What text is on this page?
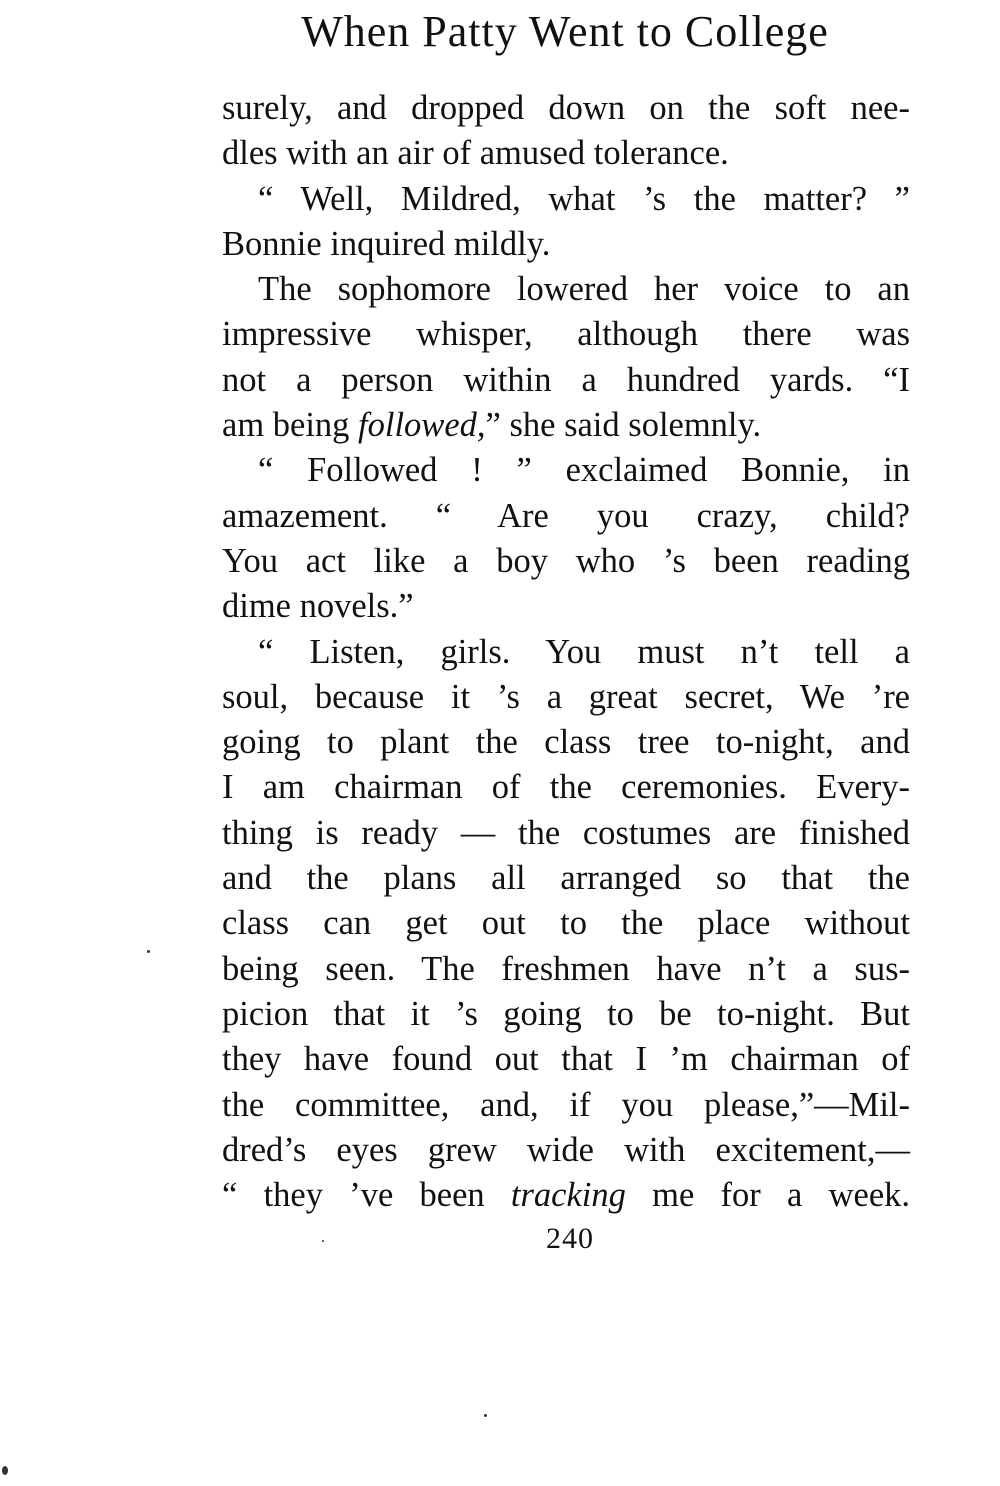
When Patty Went to College
surely, and dropped down on the soft nee-
dles with an air of amused tolerance.
“ Well, Mildred, what ’s the matter? ”
Bonnie inquired mildly.
The sophomore lowered her voice to an
impressive whisper, although there was
not a person within a hundred yards. “I
am being followed,” she said solemnly.
“ Followed ! ” exclaimed Bonnie, in
amazement. “ Are you crazy, child?
You act like a boy who ’s been reading
dime novels.”
“ Listen, girls. You must n’t tell a
soul, because it ’s a great secret, We ’re
going to plant the class tree to-night, and
I am chairman of the ceremonies. Every-
thing is ready — the costumes are finished
and the plans all arranged so that the
class can get out to the place without
being seen. The freshmen have n’t a sus-
picion that it ’s going to be to-night. But
they have found out that I ’m chairman of
the committee, and, if you please,”—Mil-
dred’s eyes grew wide with excitement,—
“ they ’ve been tracking me for a week.
240
